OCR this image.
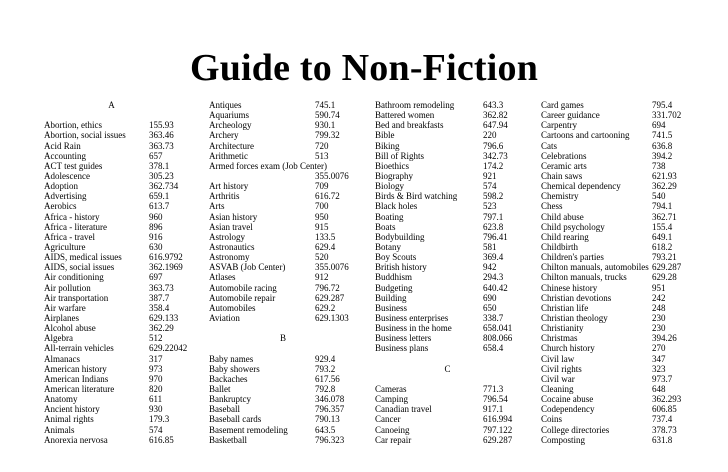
Guide to Non-Fiction
A
Abortion, ethics	155.93
Abortion, social issues	363.46
Acid Rain	363.73
Accounting	657
ACT test guides	378.1
Adolescence	305.23
Adoption	362.734
Advertising	659.1
Aerobics	613.7
Africa - history	960
Africa - literature	896
Africa - travel	916
Agriculture	630
AIDS, medical issues	616.9792
AIDS, social issues	362.1969
Air conditioning	697
Air pollution	363.73
Air transportation	387.7
Air warfare	358.4
Airplanes	629.133
Alcohol abuse	362.29
Algebra	512
All-terrain vehicles	629.22042
Almanacs	317
American history	973
American Indians	970
American literature	820
Anatomy	611
Ancient history	930
Animal rights	179.3
Animals	574
Anorexia nervosa	616.85
Antiques	745.1
Aquariums	590.74
Archeology	930.1
Archery	799.32
Architecture	720
Arithmetic	513
Armed forces exam (Job Center)
355.0076
Art history	709
Arthritis	616.72
Arts	700
Asian history	950
Asian travel	915
Astrology	133.5
Astronautics	629.4
Astronomy	520
ASVAB (Job Center)	355.0076
Atlases	912
Automobile racing	796.72
Automobile repair	629.287
Automobiles	629.2
Aviation	629.1303
B
Baby names	929.4
Baby showers	793.2
Backaches	617.56
Ballet	792.8
Bankruptcy	346.078
Baseball	796.357
Baseball cards	790.13
Basement remodeling	643.5
Basketball	796.323
Bathroom remodeling	643.3
Battered women	362.82
Bed and breakfasts	647.94
Bible	220
Biking	796.6
Bill of Rights	342.73
Bioethics	174.2
Biography	921
Biology	574
Birds & Bird watching	598.2
Black holes	523
Boating	797.1
Boats	623.8
Bodybuilding	796.41
Botany	581
Boy Scouts	369.4
British history	942
Buddhism	294.3
Budgeting	640.42
Building	690
Business	650
Business enterprises	338.7
Business in the home	658.041
Business letters	808.066
Business plans	658.4
C
Cameras	771.3
Camping	796.54
Canadian travel	917.1
Cancer	616.994
Canoeing	797.122
Car repair	629.287
Card games	795.4
Career guidance	331.702
Carpentry	694
Cartoons and cartooning	741.5
Cats	636.8
Celebrations	394.2
Ceramic arts	738
Chain saws	621.93
Chemical dependency	362.29
Chemistry	540
Chess	794.1
Child abuse	362.71
Child psychology	155.4
Child rearing	649.1
Childbirth	618.2
Children's parties	793.21
Chilton manuals, automobiles 629.287
Chilton manuals, trucks	629.28
Chinese history	951
Christian devotions	242
Christian life	248
Christian theology	230
Christianity	230
Christmas	394.26
Church history	270
Civil law	347
Civil rights	323
Civil war	973.7
Cleaning	648
Cocaine abuse	362.293
Codependency	606.85
Coins	737.4
College directories	378.73
Composting	631.8
